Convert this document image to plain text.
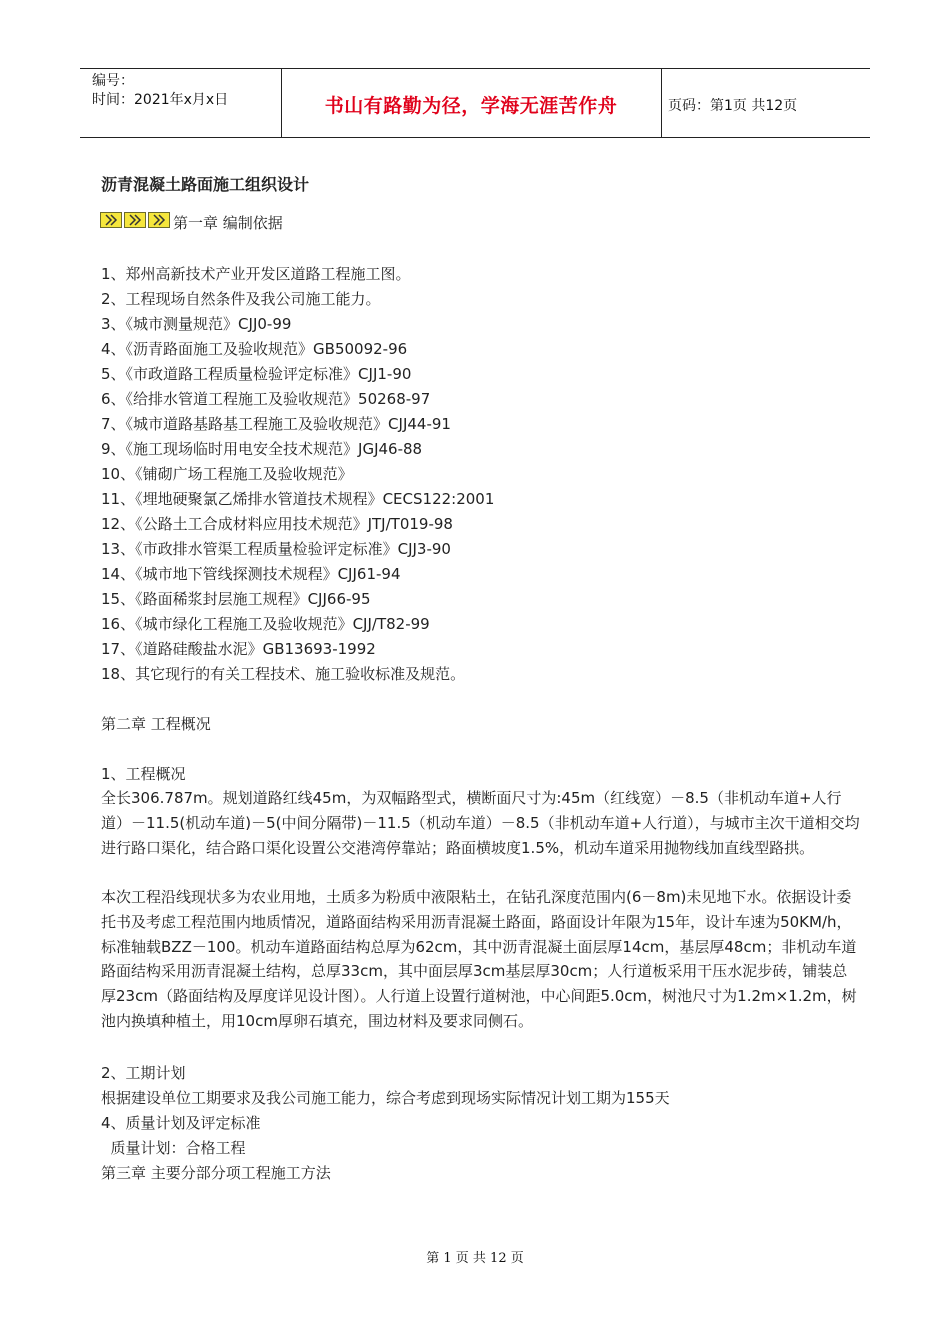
编号：
时间：2021年x月x日	书山有路勤为径，学海无涯苦作舟	页码：第1页 共12页
沥青混凝土路面施工组织设计
第一章 编制依据
1、郑州高新技术产业开发区道路工程施工图。
2、工程现场自然条件及我公司施工能力。
3、《城市测量规范》CJJ0-99
4、《沥青路面施工及验收规范》GB50092-96
5、《市政道路工程质量检验评定标准》CJJ1-90
6、《给排水管道工程施工及验收规范》50268-97
7、《城市道路基路基工程施工及验收规范》CJJ44-91
9、《施工现场临时用电安全技术规范》JGJ46-88
10、《铺砌广场工程施工及验收规范》
11、《埋地硬聚氯乙烯排水管道技术规程》CECS122:2001
12、《公路土工合成材料应用技术规范》JTJ/T019-98
13、《市政排水管渠工程质量检验评定标准》CJJ3-90
14、《城市地下管线探测技术规程》CJJ61-94
15、《路面稀浆封层施工规程》CJJ66-95
16、《城市绿化工程施工及验收规范》CJJ/T82-99
17、《道路硅酸盐水泥》GB13693-1992
18、其它现行的有关工程技术、施工验收标准及规范。
第二章 工程概况
1、工程概况
全长306.787m。规划道路红线45m，为双幅路型式，横断面尺寸为:45m（红线宽）－8.5（非机动车道+人行道）－11.5(机动车道)－5(中间分隔带)－11.5（机动车道）－8.5（非机动车道+人行道），与城市主次干道相交均进行路口渠化，结合路口渠化设置公交港湾停靠站；路面横坡度1.5%，机动车道采用抛物线加直线型路拱。
本次工程沿线现状多为农业用地，土质多为粉质中液限粘土，在钻孔深度范围内(6－8m)未见地下水。依据设计委托书及考虑工程范围内地质情况，道路面结构采用沥青混凝土路面，路面设计年限为15年，设计车速为50KM/h，标准轴载BZZ－100。机动车道路面结构总厚为62cm，其中沥青混凝土面层厚14cm，基层厚48cm；非机动车道路面结构采用沥青混凝土结构，总厚33cm，其中面层厚3cm基层厚30cm；人行道板采用干压水泥步砖，铺装总厚23cm（路面结构及厚度详见设计图）。人行道上设置行道树池，中心间距5.0cm，树池尺寸为1.2m×1.2m，树池内换填种植土，用10cm厚卵石填充，围边材料及要求同侧石。
2、工期计划
根据建设单位工期要求及我公司施工能力，综合考虑到现场实际情况计划工期为155天
4、质量计划及评定标准
质量计划：合格工程
第三章 主要分部分项工程施工方法
第 1 页 共 12 页
